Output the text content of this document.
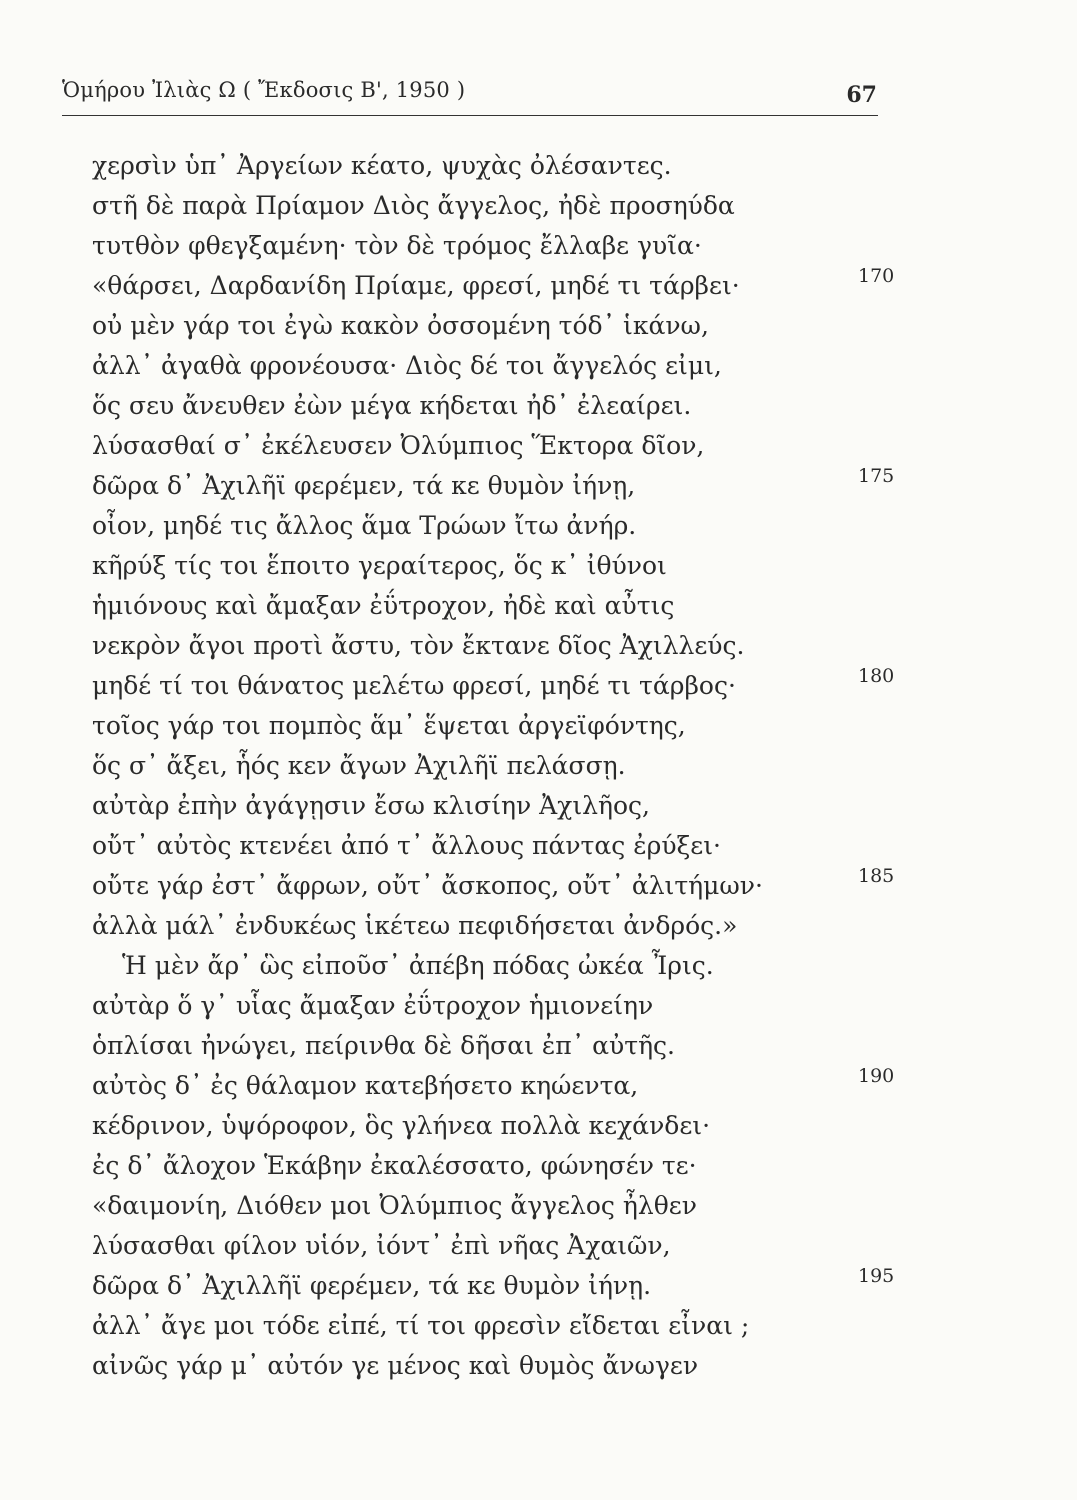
Ὁμήρου Ἰλιὰς Ω ( Ἔκδοσις Β', 1950 )	67
χερσὶν ὑπ᾿ Ἀργείων κέατο, ψυχὰς ὀλέσαντες.
στῆ δὲ παρὰ Πρίαμον Διὸς ἄγγελος, ἠδὲ προσηύδα
τυτθὸν φθεγξαμένη· τὸν δὲ τρόμος ἔλλαβε γυῖα·
«θάρσει, Δαρδανίδη Πρίαμε, φρεσί, μηδέ τι τάρβει·
οὐ μὲν γάρ τοι ἐγὼ κακὸν ὀσσομένη τόδ᾿ ἱκάνω,
ἀλλ᾿ ἀγαθὰ φρονέουσα· Διὸς δέ τοι ἄγγελός εἰμι,
ὅς σευ ἄνευθεν ἐὼν μέγα κήδεται ἠδ᾿ ἐλεαίρει.
λύσασθαί σ᾿ ἐκέλευσεν Ὀλύμπιος Ἕκτορα δῖον,
δῶρα δ᾿ Ἀχιλῆϊ φερέμεν, τά κε θυμὸν ἰήνῃ,
οἶον, μηδέ τις ἄλλος ἅμα Τρώων ἴτω ἀνήρ.
κῆρύξ τίς τοι ἕποιτο γεραίτερος, ὅς κ᾿ ἰθύνοι
ἡμιόνους καὶ ἄμαξαν ἐΰτροχον, ἠδὲ καὶ αὖτις
νεκρὸν ἄγοι προτὶ ἄστυ, τὸν ἔκτανε δῖος Ἀχιλλεύς.
μηδέ τί τοι θάνατος μελέτω φρεσί, μηδέ τι τάρβος·
τοῖος γάρ τοι πομπὸς ἅμ᾿ ἕψεται ἀργεϊφόντης,
ὅς σ᾿ ἄξει, ἧός κεν ἄγων Ἀχιλῆϊ πελάσσῃ.
αὐτὰρ ἐπὴν ἀγάγῃσιν ἔσω κλισίην Ἀχιλῆος,
οὔτ᾿ αὐτὸς κτενέει ἀπό τ᾿ ἄλλους πάντας ἐρύξει·
οὔτε γάρ ἐστ᾿ ἄφρων, οὔτ᾿ ἄσκοπος, οὔτ᾿ ἀλιτήμων·
ἀλλὰ μάλ᾿ ἐνδυκέως ἱκέτεω πεφιδήσεται ἀνδρός.»
Ἡ μὲν ἄρ᾿ ὣς εἰποῦσ᾿ ἀπέβη πόδας ὠκέα Ἶρις.
αὐτὰρ ὅ γ᾿ υἷας ἄμαξαν ἐΰτροχον ἡμιονείην
ὁπλίσαι ἠνώγει, πείρινθα δὲ δῆσαι ἐπ᾿ αὐτῆς.
αὐτὸς δ᾿ ἐς θάλαμον κατεβήσετο κηώεντα,
κέδρινον, ὑψόροφον, ὃς γλήνεα πολλὰ κεχάνδει·
ἐς δ᾿ ἄλοχον Ἑκάβην ἐκαλέσσατο, φώνησέν τε·
«δαιμονίη, Διόθεν μοι Ὀλύμπιος ἄγγελος ἦλθεν
λύσασθαι φίλον υἱόν, ἰόντ᾿ ἐπὶ νῆας Ἀχαιῶν,
δῶρα δ᾿ Ἀχιλλῆϊ φερέμεν, τά κε θυμὸν ἰήνῃ.
ἀλλ᾿ ἄγε μοι τόδε εἰπέ, τί τοι φρεσὶν εἴδεται εἶναι ;
αἰνῶς γάρ μ᾿ αὐτόν γε μένος καὶ θυμὸς ἄνωγεν
170
175
180
185
190
195
